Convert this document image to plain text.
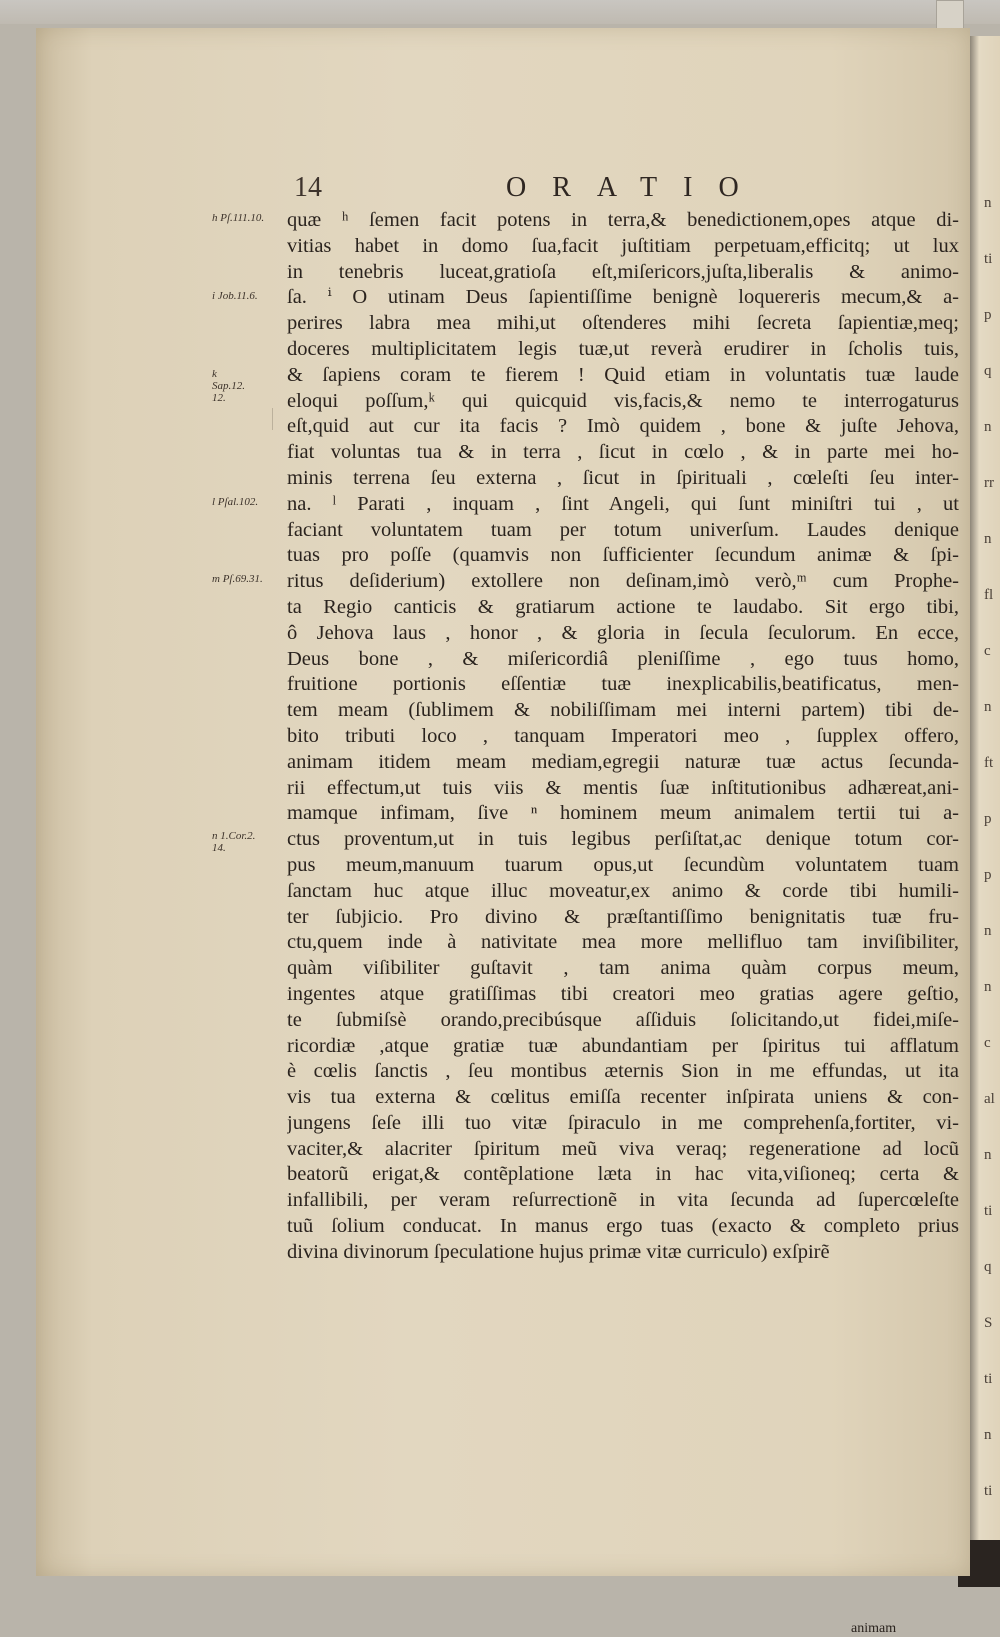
n
ti
p
q
n
rr
n
fl
c
n
ft
p
p
n
n
c
al
n
ti
q
S
ti
n
ti
14	ORATIO
h Pſ.111.10.
i Job.11.6.
k Sap.12. 12.
l Pſal.102.
m Pſ.69.31.
n 1.Cor.2. 14.
quæ ʰ ſemen facit potens in terra,& benedictionem,opes atque di-
vitias habet in domo ſua,facit juſtitiam perpetuam,efficitq; ut lux
in tenebris luceat,gratioſa eſt,miſericors,juſta,liberalis & animo-
ſa. ⁱ O utinam Deus ſapientiſſime benignè loquereris mecum,& a-
perires labra mea mihi,ut oſtenderes mihi ſecreta ſapientiæ,meq;
doceres multiplicitatem legis tuæ,ut reverà erudirer in ſcholis tuis,
& ſapiens coram te fierem ! Quid etiam in voluntatis tuæ laude
eloqui poſſum,ᵏ qui quicquid vis,facis,& nemo te interrogaturus
eſt,quid aut cur ita facis ? Imò quidem , bone & juſte Jehova,
fiat voluntas tua & in terra , ſicut in cœlo , & in parte mei ho-
minis terrena ſeu externa , ſicut in ſpirituali , cœleſti ſeu inter-
na. ˡ Parati , inquam , ſint Angeli, qui ſunt miniſtri tui , ut
faciant voluntatem tuam per totum univerſum. Laudes denique
tuas pro poſſe (quamvis non ſufficienter ſecundum animæ & ſpi-
ritus deſiderium) extollere non deſinam,imò verò,ᵐ cum Prophe-
ta Regio canticis & gratiarum actione te laudabo. Sit ergo tibi,
ô Jehova laus , honor , & gloria in ſecula ſeculorum. En ecce,
Deus bone , & miſericordiâ pleniſſime , ego tuus homo,
fruitione portionis eſſentiæ tuæ inexplicabilis,beatificatus, men-
tem meam (ſublimem & nobiliſſimam mei interni partem) tibi de-
bito tributi loco , tanquam Imperatori meo , ſupplex offero,
animam itidem meam mediam,egregii naturæ tuæ actus ſecunda-
rii effectum,ut tuis viis & mentis ſuæ inſtitutionibus adhæreat,ani-
mamque infimam, ſive ⁿ hominem meum animalem tertii tui a-
ctus proventum,ut in tuis legibus perſiſtat,ac denique totum cor-
pus meum,manuum tuarum opus,ut ſecundùm voluntatem tuam
ſanctam huc atque illuc moveatur,ex animo & corde tibi humili-
ter ſubjicio. Pro divino & præſtantiſſimo benignitatis tuæ fru-
ctu,quem inde à nativitate mea more mellifluo tam inviſibiliter,
quàm viſibiliter guſtavit , tam anima quàm corpus meum,
ingentes atque gratiſſimas tibi creatori meo gratias agere geſtio,
te ſubmiſsè orando,precibúsque aſſiduis ſolicitando,ut fidei,miſe-
ricordiæ ,atque gratiæ tuæ abundantiam per ſpiritus tui afflatum
è cœlis ſanctis , ſeu montibus æternis Sion in me effundas, ut ita
vis tua externa & cœlitus emiſſa recenter inſpirata uniens & con-
jungens ſeſe illi tuo vitæ ſpiraculo in me comprehenſa,fortiter, vi-
vaciter,& alacriter ſpiritum meũ viva veraq; regeneratione ad locũ
beatorũ erigat,& contẽplatione læta in hac vita,viſioneq; certa &
infallibili, per veram reſurrectionẽ in vita ſecunda ad ſupercœleſte
tuũ ſolium conducat. In manus ergo tuas (exacto & completo prius
divina divinorum ſpeculatione hujus primæ vitæ curriculo) exſpirẽ
animam
